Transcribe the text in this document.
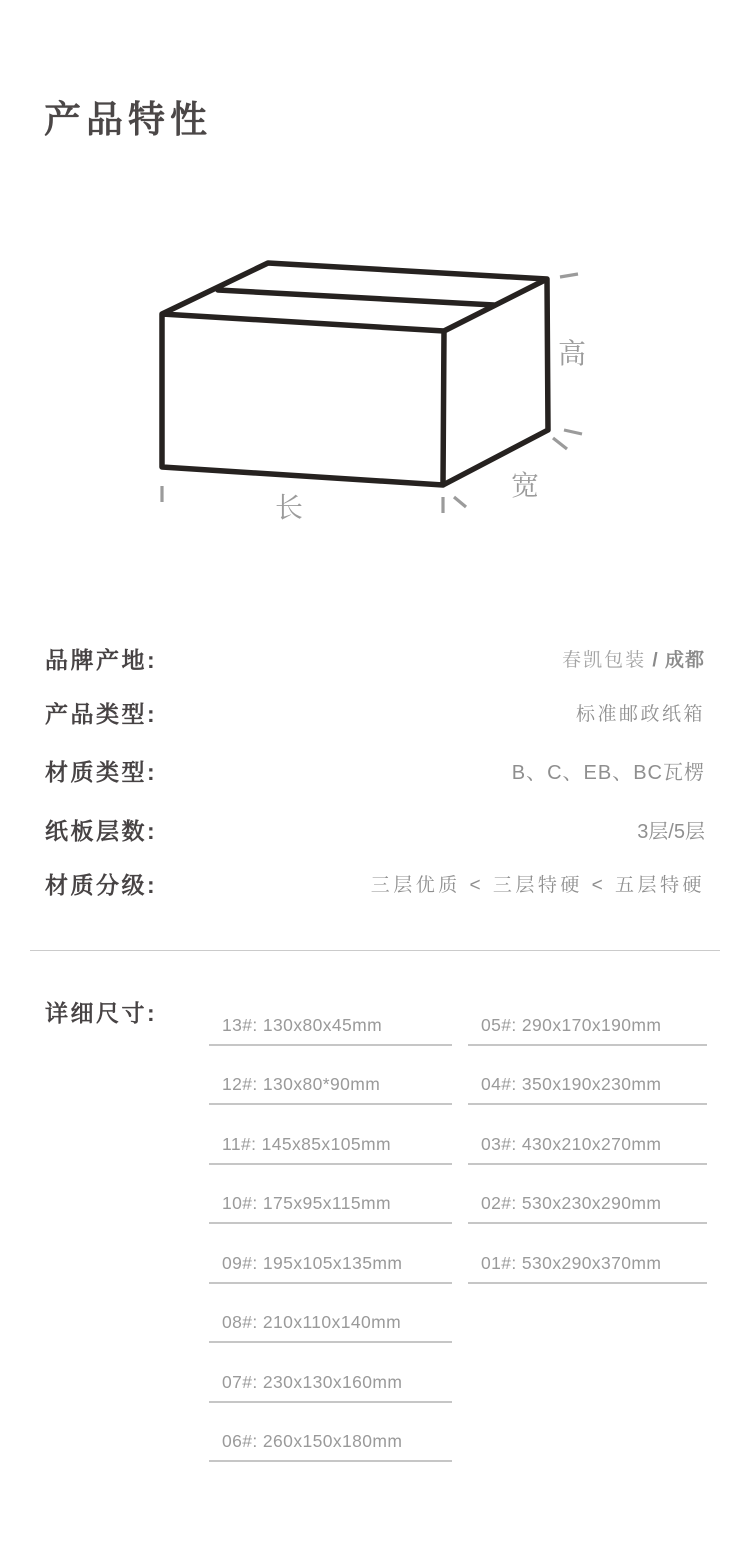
产品特性
长
宽
高
品牌产地:	春凯包装 / 成都
产品类型:	标准邮政纸箱
材质类型:	B、C、EB、BC瓦楞
纸板层数:	3层/5层
材质分级:	三层优质 < 三层特硬 < 五层特硬
详细尺寸:	13#: 130x80x45mm
12#: 130x80*90mm
11#: 145x85x105mm
10#: 175x95x115mm
09#: 195x105x135mm
08#: 210x110x140mm
07#: 230x130x160mm
06#: 260x150x180mm
05#: 290x170x190mm
04#: 350x190x230mm
03#: 430x210x270mm
02#: 530x230x290mm
01#: 530x290x370mm
